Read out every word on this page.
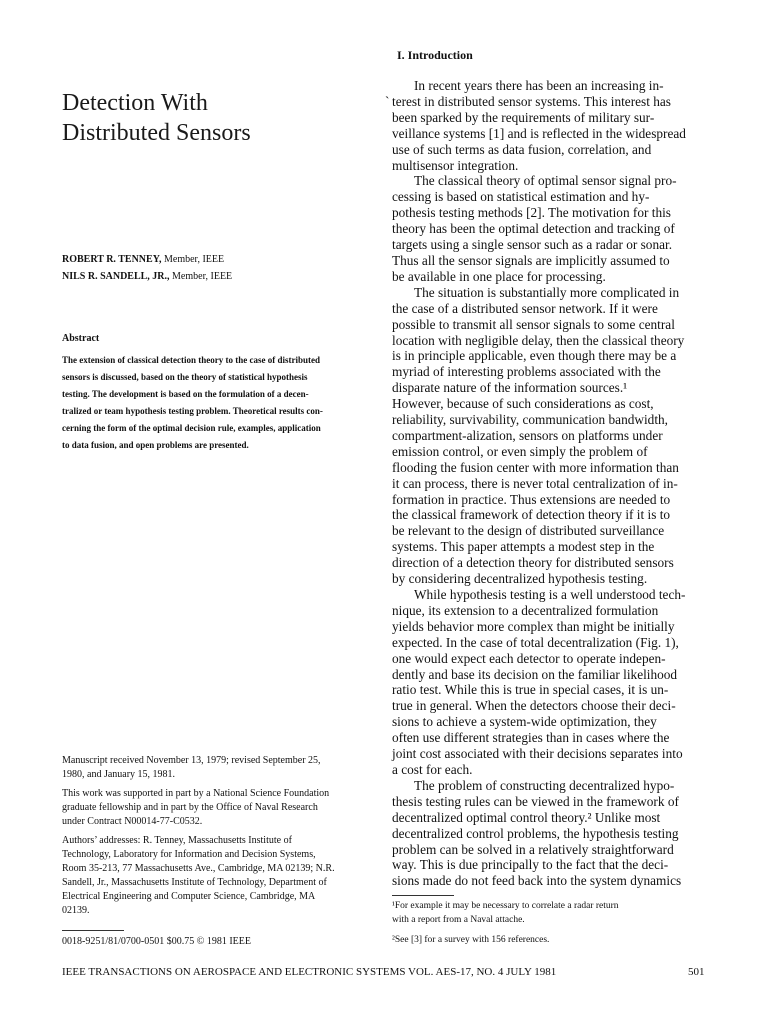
Detection With
Distributed Sensors
ROBERT R. TENNEY, Member, IEEE
NILS R. SANDELL, JR., Member, IEEE
Abstract
The extension of classical detection theory to the case of distributed
sensors is discussed, based on the theory of statistical hypothesis
testing. The development is based on the formulation of a decen-
tralized or team hypothesis testing problem. Theoretical results con-
cerning the form of the optimal decision rule, examples, application
to data fusion, and open problems are presented.
Manuscript received November 13, 1979; revised September 25,
1980, and January 15, 1981.
This work was supported in part by a National Science Foundation
graduate fellowship and in part by the Office of Naval Research
under Contract N00014-77-C0532.
Authors’ addresses: R. Tenney, Massachusetts Institute of
Technology, Laboratory for Information and Decision Systems,
Room 35-213, 77 Massachusetts Ave., Cambridge, MA 02139; N.R.
Sandell, Jr., Massachusetts Institute of Technology, Department of
Electrical Engineering and Computer Science, Cambridge, MA
02139.
0018-9251/81/0700-0501 $00.75 © 1981 IEEE
I. Introduction
In recent years there has been an increasing in-
` terest in distributed sensor systems. This interest has
been sparked by the requirements of military sur-
veillance systems [1] and is reflected in the widespread
use of such terms as data fusion, correlation, and
multisensor integration.
The classical theory of optimal sensor signal pro-
cessing is based on statistical estimation and hy-
pothesis testing methods [2]. The motivation for this
theory has been the optimal detection and tracking of
targets using a single sensor such as a radar or sonar.
Thus all the sensor signals are implicitly assumed to
be available in one place for processing.
The situation is substantially more complicated in
the case of a distributed sensor network. If it were
possible to transmit all sensor signals to some central
location with negligible delay, then the classical theory
is in principle applicable, even though there may be a
myriad of interesting problems associated with the
disparate nature of the information sources.¹
However, because of such considerations as cost,
reliability, survivability, communication bandwidth,
compartment-alization, sensors on platforms under
emission control, or even simply the problem of
flooding the fusion center with more information than
it can process, there is never total centralization of in-
formation in practice. Thus extensions are needed to
the classical framework of detection theory if it is to
be relevant to the design of distributed surveillance
systems. This paper attempts a modest step in the
direction of a detection theory for distributed sensors
by considering decentralized hypothesis testing.
While hypothesis testing is a well understood tech-
nique, its extension to a decentralized formulation
yields behavior more complex than might be initially
expected. In the case of total decentralization (Fig. 1),
one would expect each detector to operate indepen-
dently and base its decision on the familiar likelihood
ratio test. While this is true in special cases, it is un-
true in general. When the detectors choose their deci-
sions to achieve a system-wide optimization, they
often use different strategies than in cases where the
joint cost associated with their decisions separates into
a cost for each.
The problem of constructing decentralized hypo-
thesis testing rules can be viewed in the framework of
decentralized optimal control theory.² Unlike most
decentralized control problems, the hypothesis testing
problem can be solved in a relatively straightforward
way. This is due principally to the fact that the deci-
sions made do not feed back into the system dynamics
¹For example it may be necessary to correlate a radar return
with a report from a Naval attache.
²See [3] for a survey with 156 references.
IEEE TRANSACTIONS ON AEROSPACE AND ELECTRONIC SYSTEMS VOL. AES-17, NO. 4 JULY 1981	501
